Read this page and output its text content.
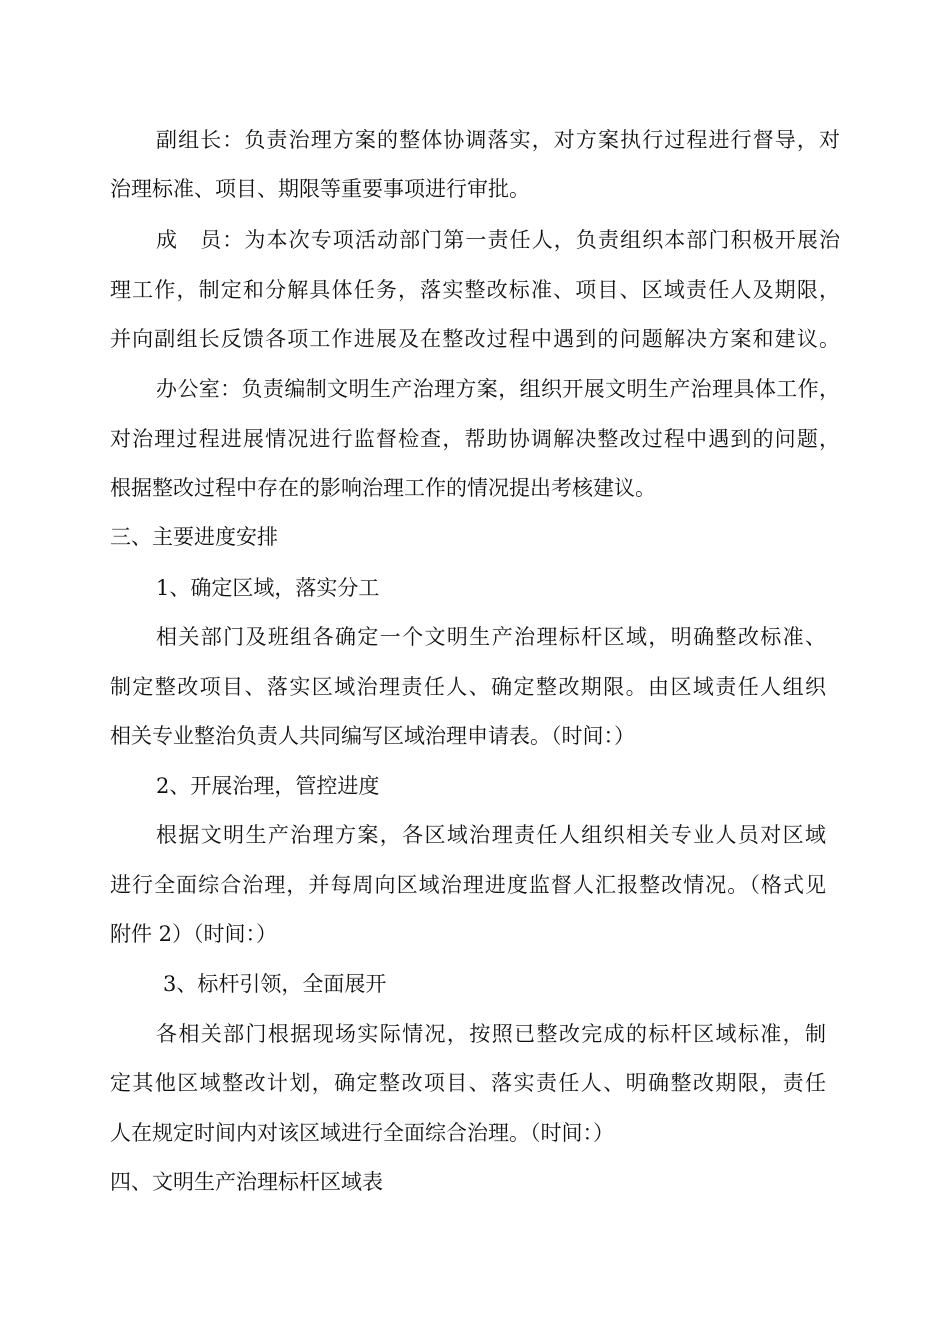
副组长：负责治理方案的整体协调落实，对方案执行过程进行督导，对
治理标准、项目、期限等重要事项进行审批。
成　员：为本次专项活动部门第一责任人，负责组织本部门积极开展治
理工作，制定和分解具体任务，落实整改标准、项目、区域责任人及期限，
并向副组长反馈各项工作进展及在整改过程中遇到的问题解决方案和建议。
办公室：负责编制文明生产治理方案，组织开展文明生产治理具体工作，
对治理过程进展情况进行监督检查，帮助协调解决整改过程中遇到的问题，
根据整改过程中存在的影响治理工作的情况提出考核建议。
三、主要进度安排
1、确定区域，落实分工
相关部门及班组各确定一个文明生产治理标杆区域，明确整改标准、
制定整改项目、落实区域治理责任人、确定整改期限。由区域责任人组织
相关专业整治负责人共同编写区域治理申请表。（时间：）
2、开展治理，管控进度
根据文明生产治理方案，各区域治理责任人组织相关专业人员对区域
进行全面综合治理，并每周向区域治理进度监督人汇报整改情况。（格式见
附件 2）（时间：）
3、标杆引领，全面展开
各相关部门根据现场实际情况，按照已整改完成的标杆区域标准，制
定其他区域整改计划，确定整改项目、落实责任人、明确整改期限，责任
人在规定时间内对该区域进行全面综合治理。（时间：）
四、文明生产治理标杆区域表
